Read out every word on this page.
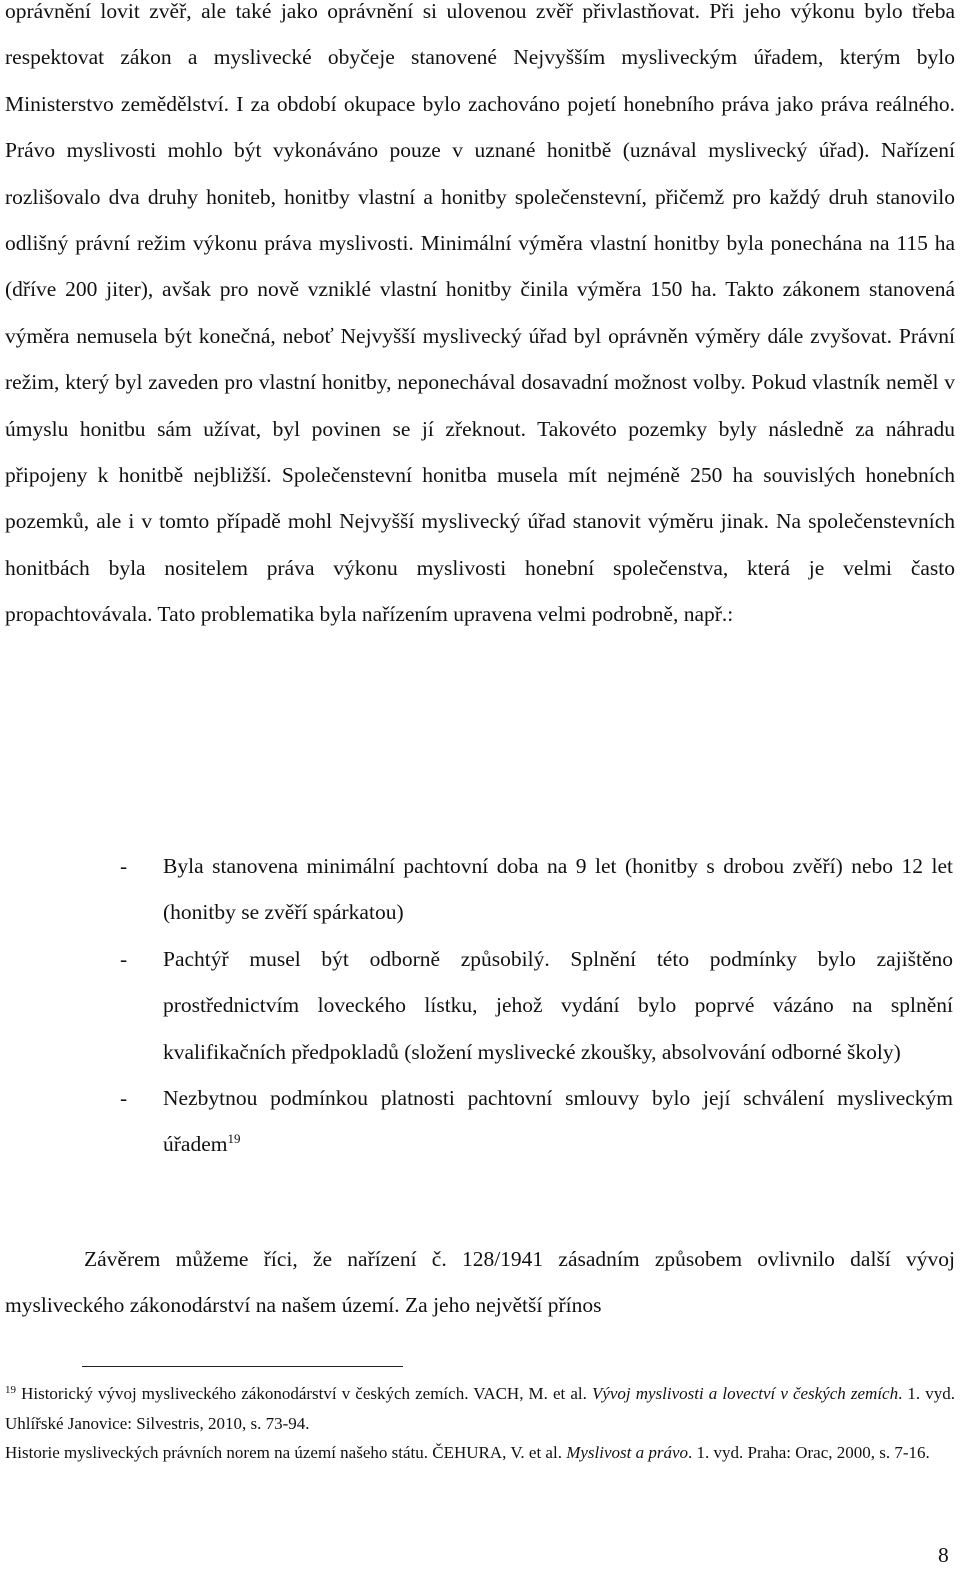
oprávnění lovit zvěř, ale také jako oprávnění si ulovenou zvěř přivlastňovat. Při jeho výkonu bylo třeba respektovat zákon a myslivecké obyčeje stanovené Nejvyšším mysliveckým úřadem, kterým bylo Ministerstvo zemědělství. I za období okupace bylo zachováno pojetí honebního práva jako práva reálného. Právo myslivosti mohlo být vykonáváno pouze v uznané honitbě (uznával myslivecký úřad). Nařízení rozlišovalo dva druhy honiteb, honitby vlastní a honitby společenstevní, přičemž pro každý druh stanovilo odlišný právní režim výkonu práva myslivosti. Minimální výměra vlastní honitby byla ponechána na 115 ha (dříve 200 jiter), avšak pro nově vzniklé vlastní honitby činila výměra 150 ha. Takto zákonem stanovená výměra nemusela být konečná, neboť Nejvyšší myslivecký úřad byl oprávněn výměry dále zvyšovat. Právní režim, který byl zaveden pro vlastní honitby, neponechával dosavadní možnost volby. Pokud vlastník neměl v úmyslu honitbu sám užívat, byl povinen se jí zřeknout. Takovéto pozemky byly následně za náhradu připojeny k honitbě nejbližší. Společenstevní honitba musela mít nejméně 250 ha souvislých honebních pozemků, ale i v tomto případě mohl Nejvyšší myslivecký úřad stanovit výměru jinak. Na společenstevních honitbách byla nositelem práva výkonu myslivosti honební společenstva, která je velmi často propachtovávala. Tato problematika byla nařízením upravena velmi podrobně, např.:

- Byla stanovena minimální pachtovní doba na 9 let (honitby s drobou zvěří) nebo 12 let (honitby se zvěří spárkatou)
- Pachtýř musel být odborně způsobilý. Splnění této podmínky bylo zajištěno prostřednictvím loveckého lístku, jehož vydání bylo poprvé vázáno na splnění kvalifikačních předpokladů (složení myslivecké zkoušky, absolvování odborné školy)
- Nezbytnou podmínkou platnosti pachtovní smlouvy bylo její schválení mysliveckým úřadem$^{19}$

Závěrem můžeme říci, že nařízení č. 128/1941 zásadním způsobem ovlivnilo další vývoj mysliveckého zákonodárství na našem území. Za jeho největší přínos

$^{19}$ Historický vývoj mysliveckého zákonodárství v českých zemích. VACH, M. et al. Vývoj myslivosti a lovectví v českých zemích. 1. vyd. Uhlířské Janovice: Silvestris, 2010, s. 73-94.

Historie mysliveckých právních norem na území našeho státu. ČEHURA, V. et al. Myslivost a právo. 1. vyd. Praha: Orac, 2000, s. 7-16.

8
